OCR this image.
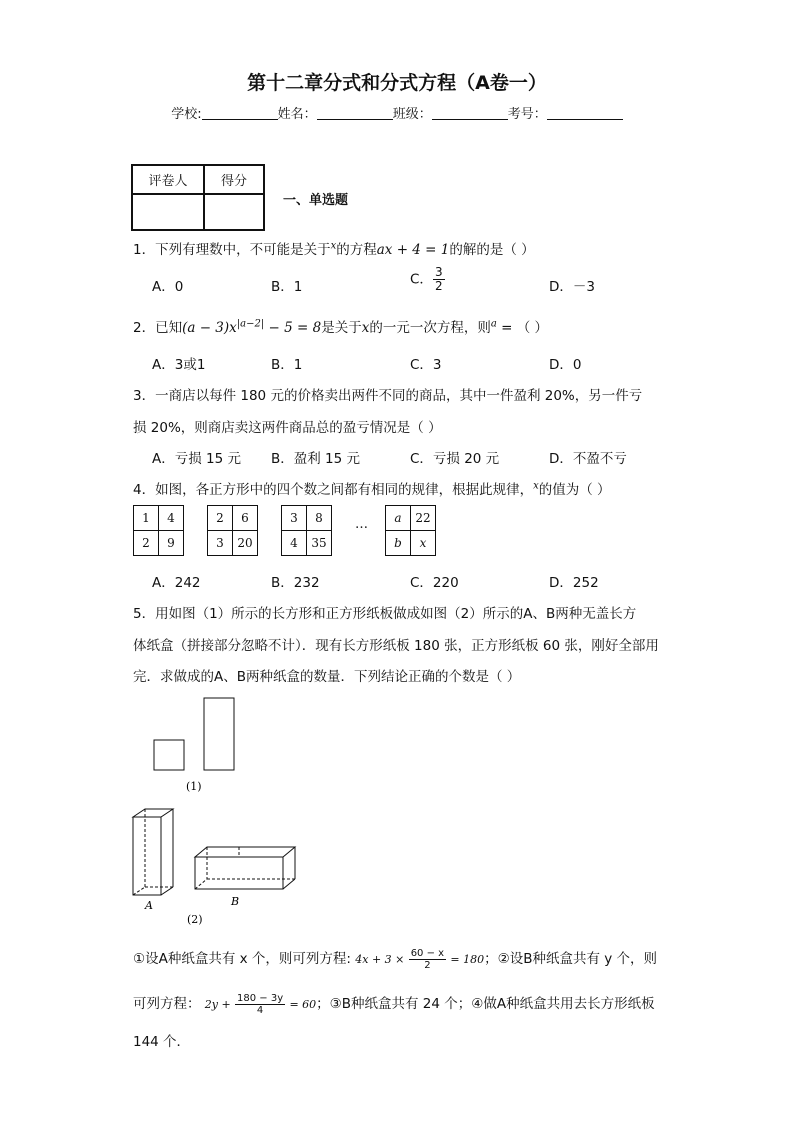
第十二章分式和分式方程（A卷一）
学校:	姓名：	班级：	考号：
评卷人	得分

一、单选题
1．下列有理数中，不可能是关于$^x$的方程ax + 4 = 1的解的是（ ）
A．0	B．1	C． $\frac{3}{2}$	D．－3
2．已知$(a - 3)x^{|a-2|} - 5 = 8$是关于x的一元一次方程，则$^a$ = （ ）
A．3或1	B．1	C．3	D．0
3．一商店以每件 180 元的价格卖出两件不同的商品，其中一件盈利 20%，另一件亏
损 20%，则商店卖这两件商品总的盈亏情况是（ ）
A．亏损 15 元 B．盈利 15 元	C．亏损 20 元	D．不盈不亏
4．如图，各正方形中的四个数之间都有相同的规律，根据此规律，$^x$的值为（ ）
1	4
2	9
2	6
3	20
3	8
4	35
… a	22
b	x
A．242	B．232	C．220	D．252
5．用如图（1）所示的长方形和正方形纸板做成如图（2）所示的A、B两种无盖长方
体纸盒（拼接部分忽略不计）．现有长方形纸板 180 张，正方形纸板 60 张，刚好全部用
完．求做成的A、B两种纸盒的数量．下列结论正确的个数是（ ）
(1)
A	B
(2)
①设A种纸盒共有 x 个，则可列方程: $4x + 3 \times \frac{60 - x}{2} = 180$；②设B种纸盒共有 y 个，则
可列方程： $2y + \frac{180 - 3y}{4} = 60$；③B种纸盒共有 24 个；④做A种纸盒共用去长方形纸板
144 个．
